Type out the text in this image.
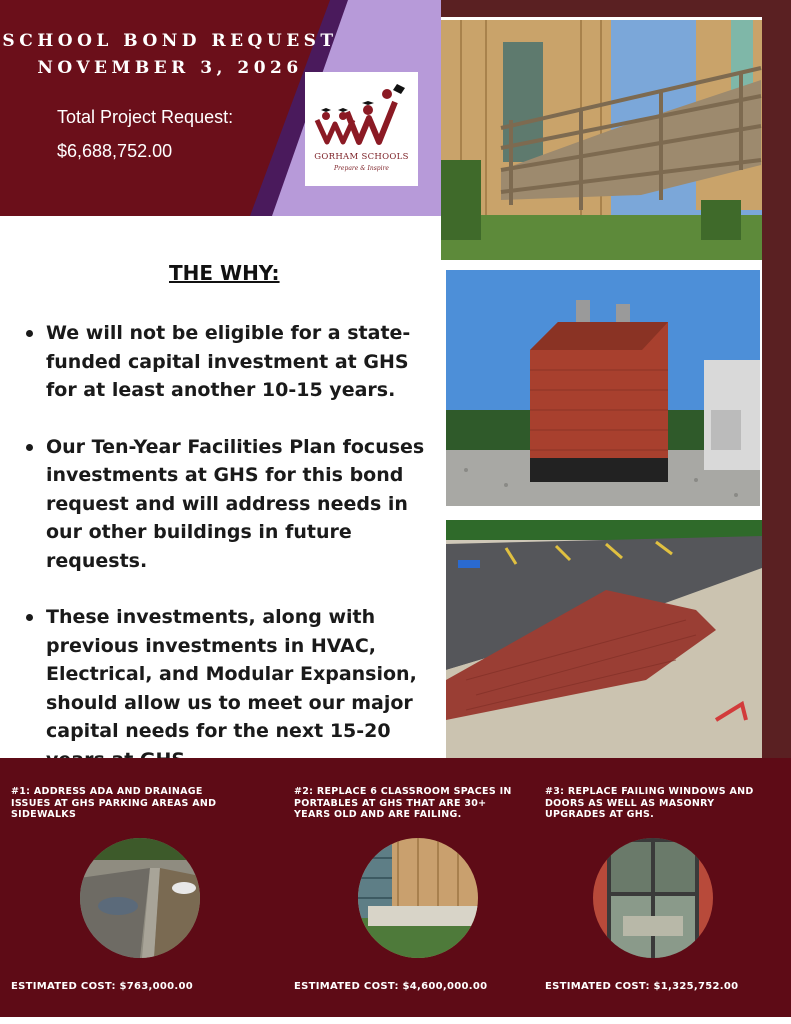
SCHOOL BOND REQUEST
NOVEMBER 3, 2026
Total Project Request:
$6,688,752.00	GORHAM SCHOOLS
Prepare & Inspire
THE WHY:
We will not be eligible for a state-funded capital investment at GHS for at least another 10-15 years.
Our Ten-Year Facilities Plan focuses investments at GHS for this bond request and will address needs in our other buildings in future requests.
These investments, along with previous investments in HVAC, Electrical, and Modular Expansion, should allow us to meet our major capital needs for the next 15-20
#1: ADDRESS ADA AND DRAINAGE ISSUES AT GHS PARKING AREAS AND SIDEWALKS
#2: REPLACE 6 CLASSROOM SPACES IN PORTABLES AT GHS THAT ARE 30+ YEARS OLD AND ARE FAILING.
#3: REPLACE FAILING WINDOWS AND DOORS AS WELL AS MASONRY UPGRADES AT GHS.
ESTIMATED COST: $763,000.00	ESTIMATED COST: $4,600,000.00	ESTIMATED COST: $1,325,752.00
